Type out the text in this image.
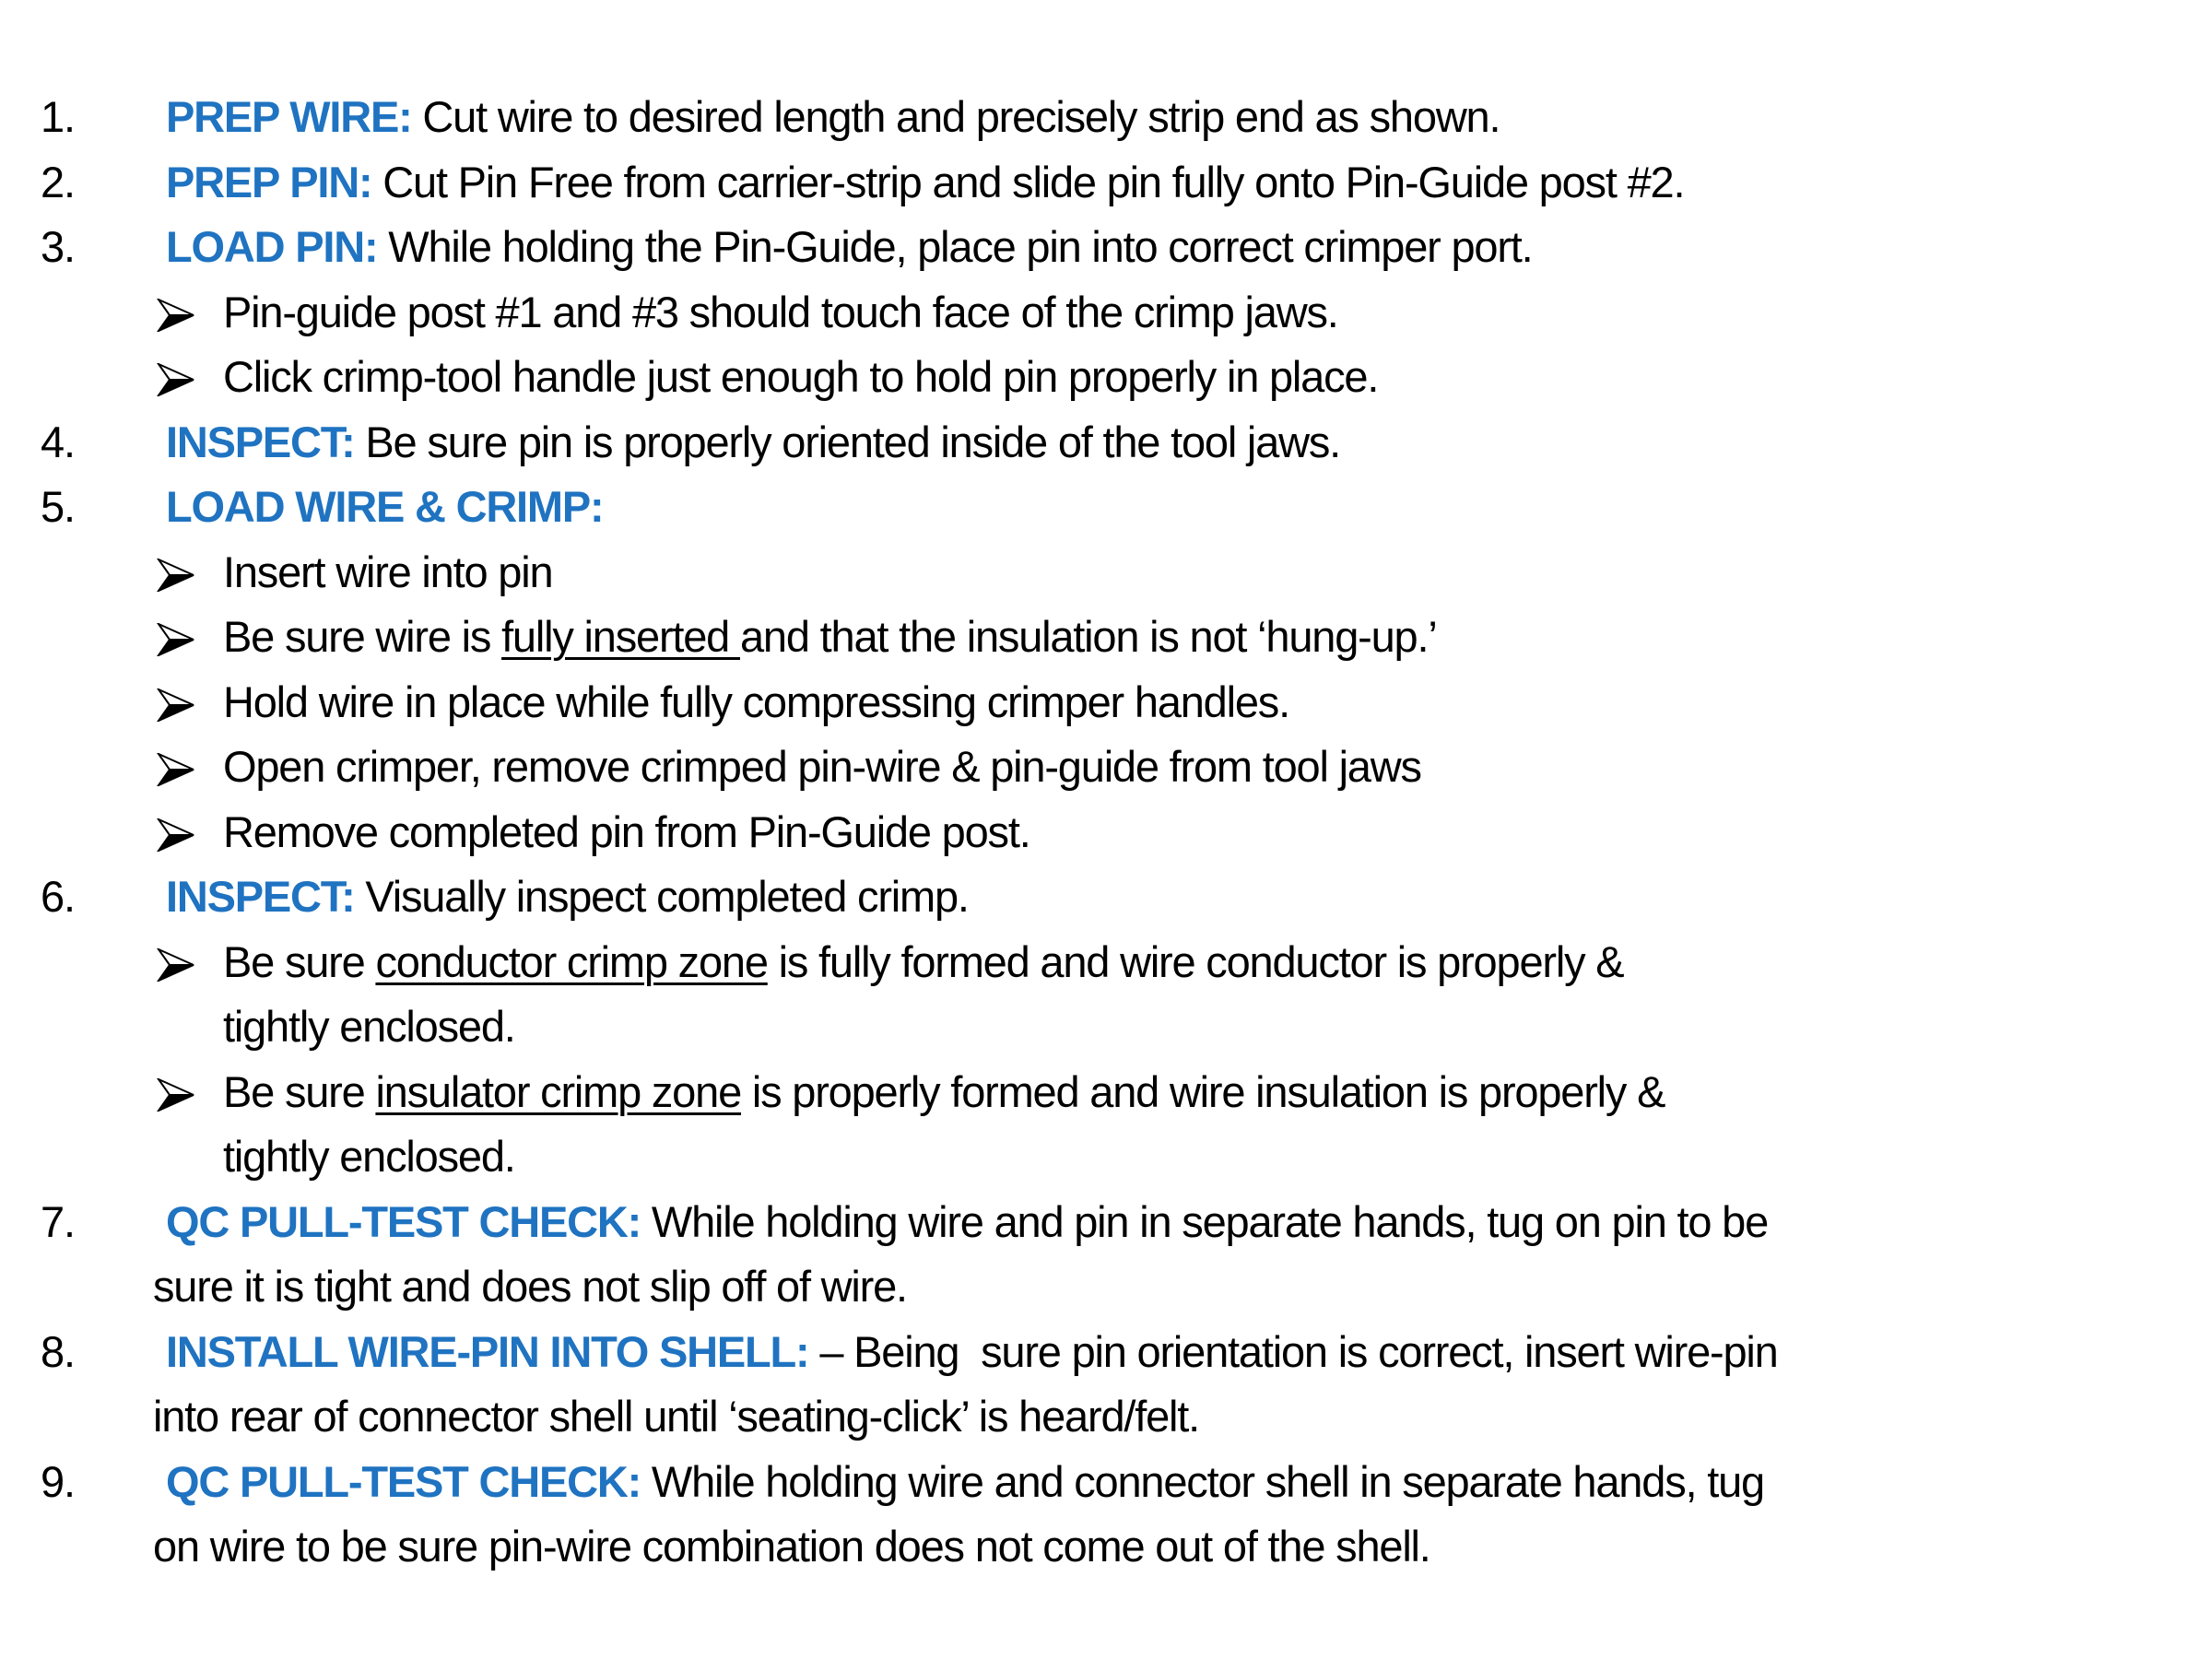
1. PREP WIRE: Cut wire to desired length and precisely strip end as shown.
2. PREP PIN: Cut Pin Free from carrier-strip and slide pin fully onto Pin-Guide post #2.
3. LOAD PIN: While holding the Pin-Guide, place pin into correct crimper port.
Pin-guide post #1 and #3 should touch face of the crimp jaws.
Click crimp-tool handle just enough to hold pin properly in place.
4. INSPECT: Be sure pin is properly oriented inside of the tool jaws.
5. LOAD WIRE & CRIMP:
Insert wire into pin
Be sure wire is fully inserted and that the insulation is not ‘hung-up.’
Hold wire in place while fully compressing crimper handles.
Open crimper, remove crimped pin-wire & pin-guide from tool jaws
Remove completed pin from Pin-Guide post.
6. INSPECT: Visually inspect completed crimp.
Be sure conductor crimp zone is fully formed and wire conductor is properly &
tightly enclosed.
Be sure insulator crimp zone is properly formed and wire insulation is properly &
tightly enclosed.
7. QC PULL-TEST CHECK: While holding wire and pin in separate hands, tug on pin to be
sure it is tight and does not slip off of wire.
8. INSTALL WIRE-PIN INTO SHELL: – Being  sure pin orientation is correct, insert wire-pin
into rear of connector shell until ‘seating-click’ is heard/felt.
9. QC PULL-TEST CHECK: While holding wire and connector shell in separate hands, tug
on wire to be sure pin-wire combination does not come out of the shell.
